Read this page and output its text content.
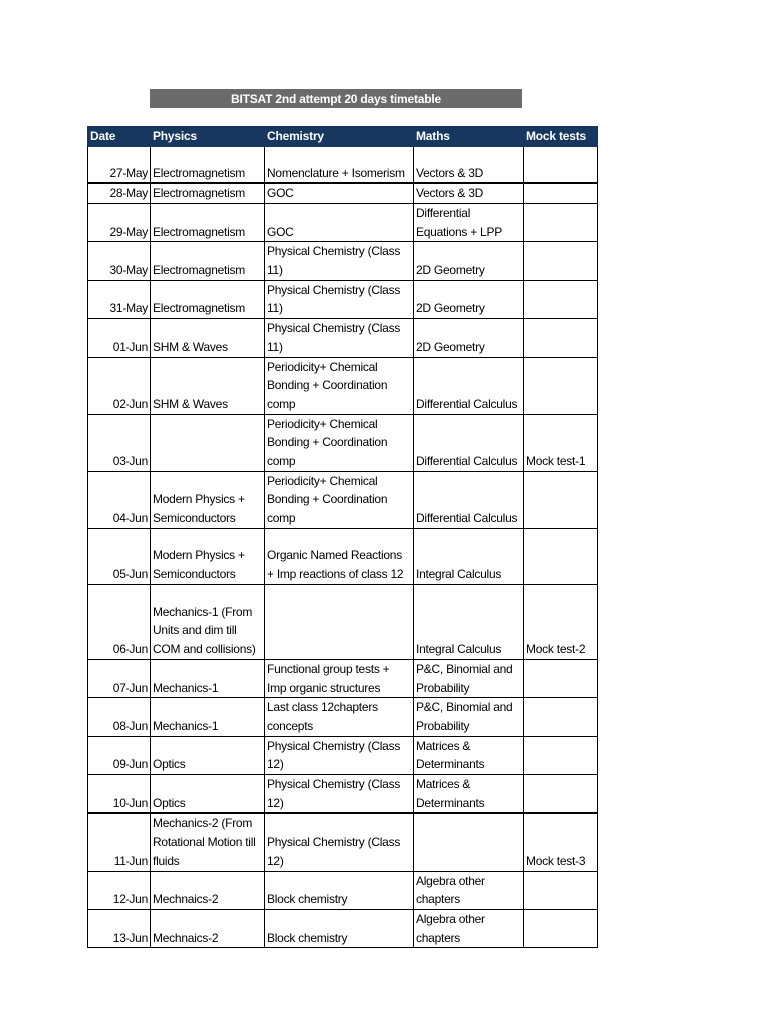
BITSAT 2nd attempt 20 days timetable
Date	Physics	Chemistry	Maths	Mock tests
27-May	Electromagnetism	Nomenclature + Isomerism	Vectors & 3D	
28-May	Electromagnetism	GOC	Vectors & 3D	
29-May	Electromagnetism	GOC	Differential Equations + LPP	
30-May	Electromagnetism	Physical Chemistry (Class 11)	2D Geometry	
31-May	Electromagnetism	Physical Chemistry (Class 11)	2D Geometry	
01-Jun	SHM & Waves	Physical Chemistry (Class 11)	2D Geometry	
02-Jun	SHM & Waves	Periodicity+ Chemical Bonding + Coordination comp	Differential Calculus	
03-Jun		Periodicity+ Chemical Bonding + Coordination comp	Differential Calculus	Mock test-1
04-Jun	Modern Physics + Semiconductors	Periodicity+ Chemical Bonding + Coordination comp	Differential Calculus	
05-Jun	Modern Physics + Semiconductors	Organic Named Reactions + Imp reactions of class 12	Integral Calculus	
06-Jun	Mechanics-1 (From Units and dim till COM and collisions)		Integral Calculus	Mock test-2
07-Jun	Mechanics-1	Functional group tests + Imp organic structures	P&C, Binomial and Probability	
08-Jun	Mechanics-1	Last class 12chapters concepts	P&C, Binomial and Probability	
09-Jun	Optics	Physical Chemistry (Class 12)	Matrices & Determinants	
10-Jun	Optics	Physical Chemistry (Class 12)	Matrices & Determinants	
11-Jun	Mechanics-2 (From Rotational Motion till fluids	Physical Chemistry (Class 12)		Mock test-3
12-Jun	Mechnaics-2	Block chemistry	Algebra other chapters	
13-Jun	Mechnaics-2	Block chemistry	Algebra other chapters	
